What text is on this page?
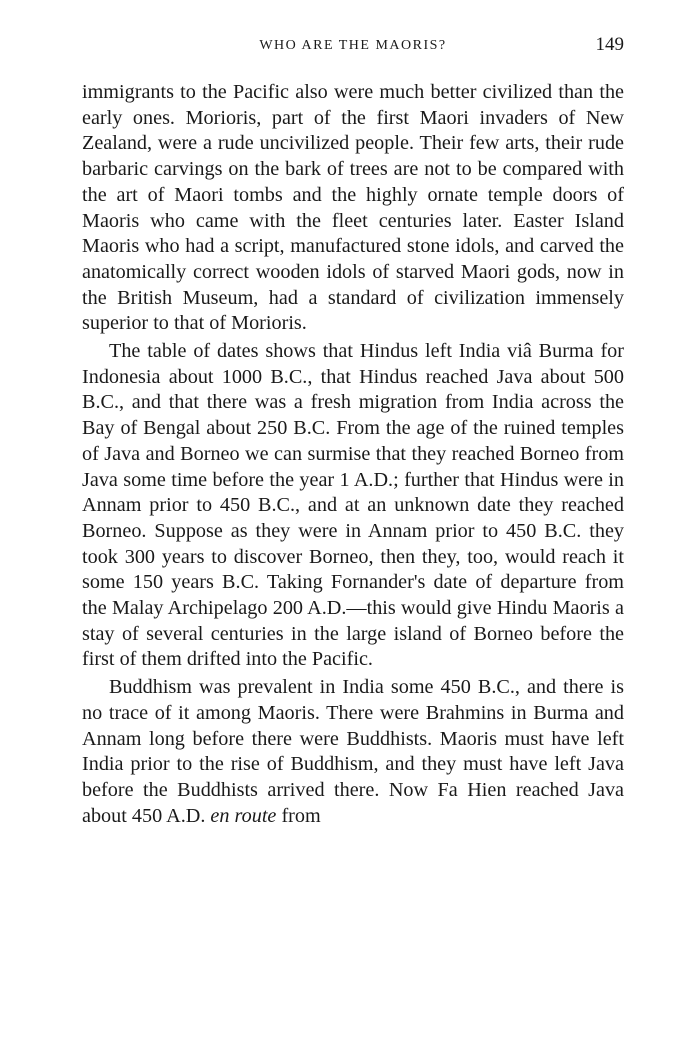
WHO ARE THE MAORIS?	149

immigrants to the Pacific also were much better civilized than the early ones. Morioris, part of the first Maori invaders of New Zealand, were a rude uncivilized people. Their few arts, their rude barbaric carvings on the bark of trees are not to be compared with the art of Maori tombs and the highly ornate temple doors of Maoris who came with the fleet centuries later. Easter Island Maoris who had a script, manufactured stone idols, and carved the anatomically correct wooden idols of starved Maori gods, now in the British Museum, had a standard of civilization immensely superior to that of Morioris.

The table of dates shows that Hindus left India viâ Burma for Indonesia about 1000 B.C., that Hindus reached Java about 500 B.C., and that there was a fresh migration from India across the Bay of Bengal about 250 B.C. From the age of the ruined temples of Java and Borneo we can surmise that they reached Borneo from Java some time before the year 1 A.D.; further that Hindus were in Annam prior to 450 B.C., and at an unknown date they reached Borneo. Suppose as they were in Annam prior to 450 B.C. they took 300 years to discover Borneo, then they, too, would reach it some 150 years B.C. Taking Fornander's date of departure from the Malay Archipelago 200 A.D.—this would give Hindu Maoris a stay of several centuries in the large island of Borneo before the first of them drifted into the Pacific.

Buddhism was prevalent in India some 450 B.C., and there is no trace of it among Maoris. There were Brahmins in Burma and Annam long before there were Buddhists. Maoris must have left India prior to the rise of Buddhism, and they must have left Java before the Buddhists arrived there. Now Fa Hien reached Java about 450 A.D. en route from
